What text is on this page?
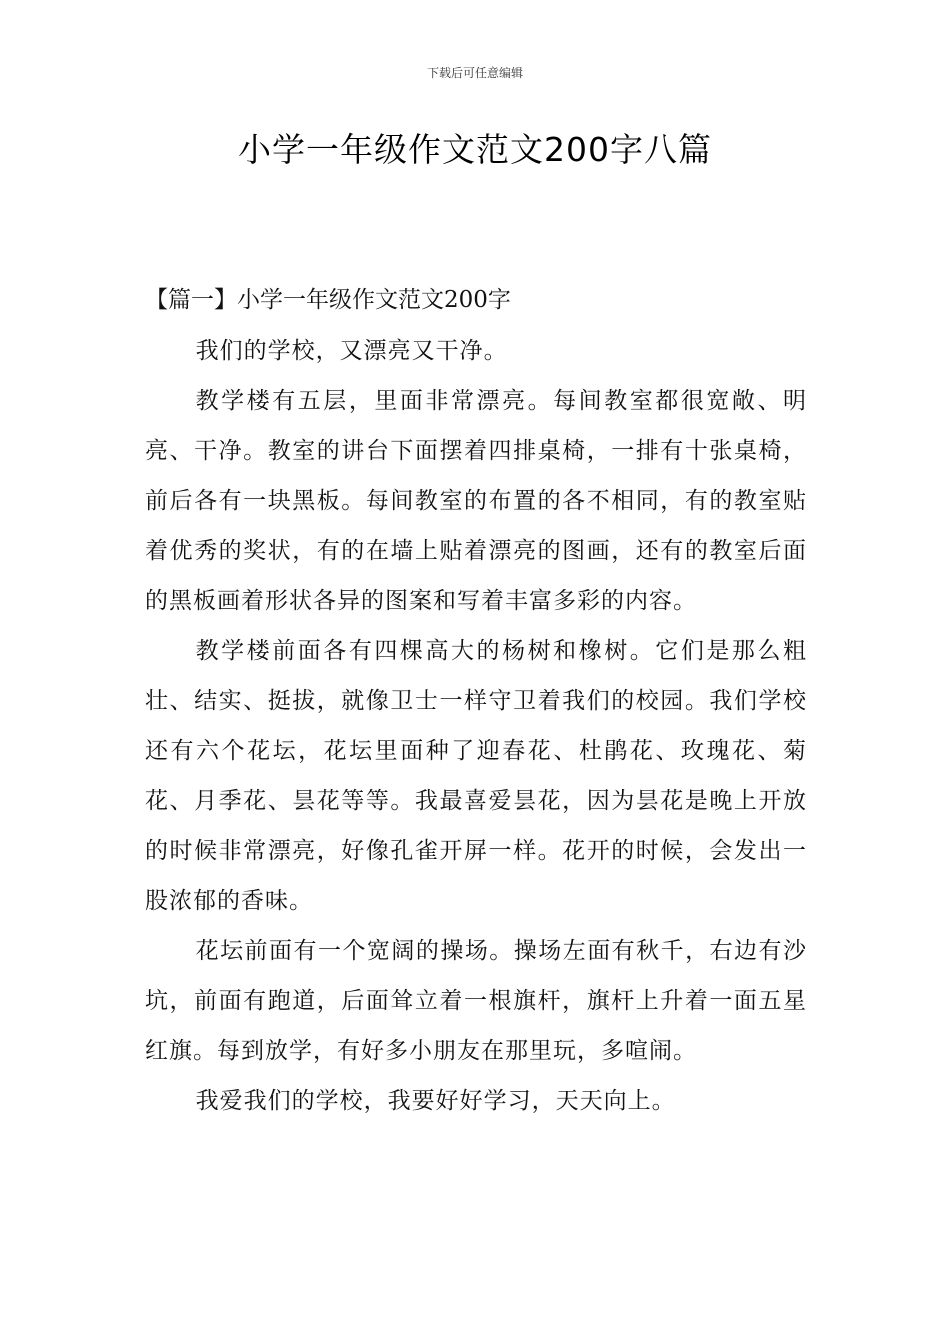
下载后可任意编辑
小学一年级作文范文200字八篇
【篇一】小学一年级作文范文200字

我们的学校，又漂亮又干净。

教学楼有五层，里面非常漂亮。每间教室都很宽敞、明亮、干净。教室的讲台下面摆着四排桌椅，一排有十张桌椅，前后各有一块黑板。每间教室的布置的各不相同，有的教室贴着优秀的奖状，有的在墙上贴着漂亮的图画，还有的教室后面的黑板画着形状各异的图案和写着丰富多彩的内容。

教学楼前面各有四棵高大的杨树和橡树。它们是那么粗壮、结实、挺拔，就像卫士一样守卫着我们的校园。我们学校还有六个花坛，花坛里面种了迎春花、杜鹃花、玫瑰花、菊花、月季花、昙花等等。我最喜爱昙花，因为昙花是晚上开放的时候非常漂亮，好像孔雀开屏一样。花开的时候，会发出一股浓郁的香味。

花坛前面有一个宽阔的操场。操场左面有秋千，右边有沙坑，前面有跑道，后面耸立着一根旗杆，旗杆上升着一面五星红旗。每到放学，有好多小朋友在那里玩，多喧闹。

我爱我们的学校，我要好好学习，天天向上。
